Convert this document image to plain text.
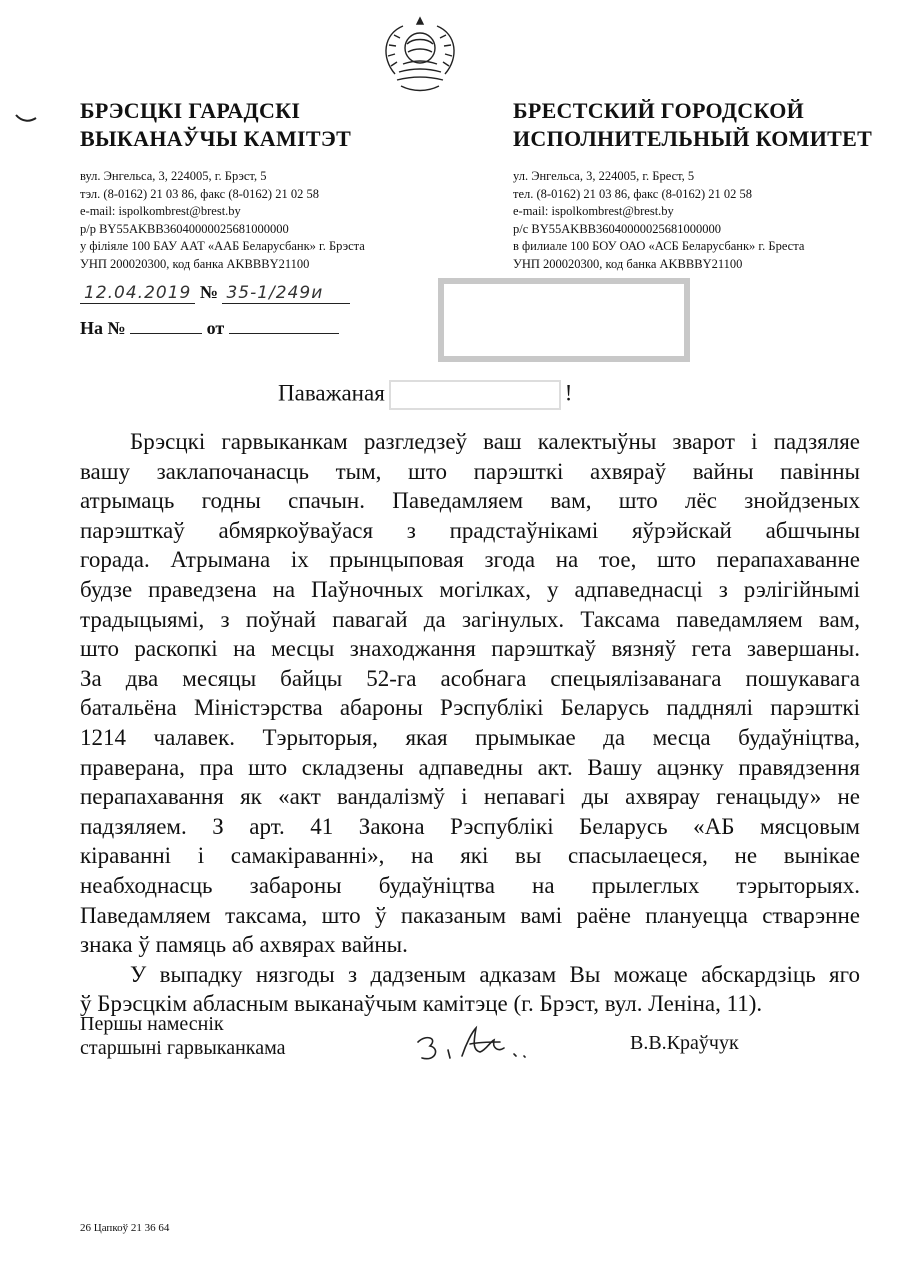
БРЭСЦКІ ГАРАДСКІ
ВЫКАНАЎЧЫ КАМІТЭТ
БРЕСТСКИЙ ГОРОДСКОЙ
ИСПОЛНИТЕЛЬНЫЙ КОМИТЕТ
вул. Энгельса, 3, 224005, г. Брэст, 5
тэл. (8-0162) 21 03 86, факс (8-0162) 21 02 58
e-mail: ispolkombrest@brest.by
р/р BY55AKBB36040000025681000000
у філіяле 100 БАУ ААТ «ААБ Беларусбанк» г. Брэста
УНП 200020300, код банка AKBBBY21100
ул. Энгельса, 3, 224005, г. Брест, 5
тел. (8-0162) 21 03 86, факс (8-0162) 21 02 58
e-mail: ispolkombrest@brest.by
р/с BY55AKBB36040000025681000000
в филиале 100 БОУ ОАО «АСБ Беларусбанк» г. Бреста
УНП 200020300, код банка AKBBBY21100
12.04.2019 № 35-1/249и
На №	от
Паважаная	!
Брэсцкі гарвыканкам разгледзеў ваш калектыўны зварот і падзяляе
вашу заклапочанасць тым, што парэшткі ахвяраў вайны павінны
атрымаць годны спачын. Паведамляем вам, што лёс знойдзеных
парэшткаў абмяркоўваўася з прадстаўнікамі яўрэйскай абшчыны
горада. Атрымана іх прынцыповая згода на тое, што перапахаванне
будзе праведзена на Паўночных могілках, у адпаведнасці з рэлігійнымі
традыцыямі, з поўнай павагай да загінулых. Таксама паведамляем вам,
што раскопкі на месцы знаходжання парэшткаў вязняў гета завершаны.
За два месяцы байцы 52-га асобнага спецыялізаванага пошукавага
батальёна Міністэрства абароны Рэспублікі Беларусь падднялі парэшткі
1214 чалавек. Тэрыторыя, якая прымыкае да месца будаўніцтва,
праверана, пра што складзены адпаведны акт. Вашу ацэнку правядзення
перапахавання як «акт вандалізмў і непавагі ды ахвярау генацыду» не
падзяляем. З арт. 41 Закона Рэспублікі Беларусь «АБ мясцовым
кіраванні і самакіраванні», на які вы спасылаецеся, не вынікае
неабходнасць забароны будаўніцтва на прылеглых тэрыторыях.
Паведамляем таксама, што ў паказаным вамі раёне плануецца стварэнне
знака ў памяць аб ахвярах вайны.
У выпадку нязгоды з дадзеным адказам Вы можаце абскардзіць яго
ў Брэсцкім абласным выканаўчым камітэце (г. Брэст, вул. Леніна, 11).
Першы намеснік
старшыні гарвыканкама	В.В.Краўчук
26 Цапкоў 21 36 64
